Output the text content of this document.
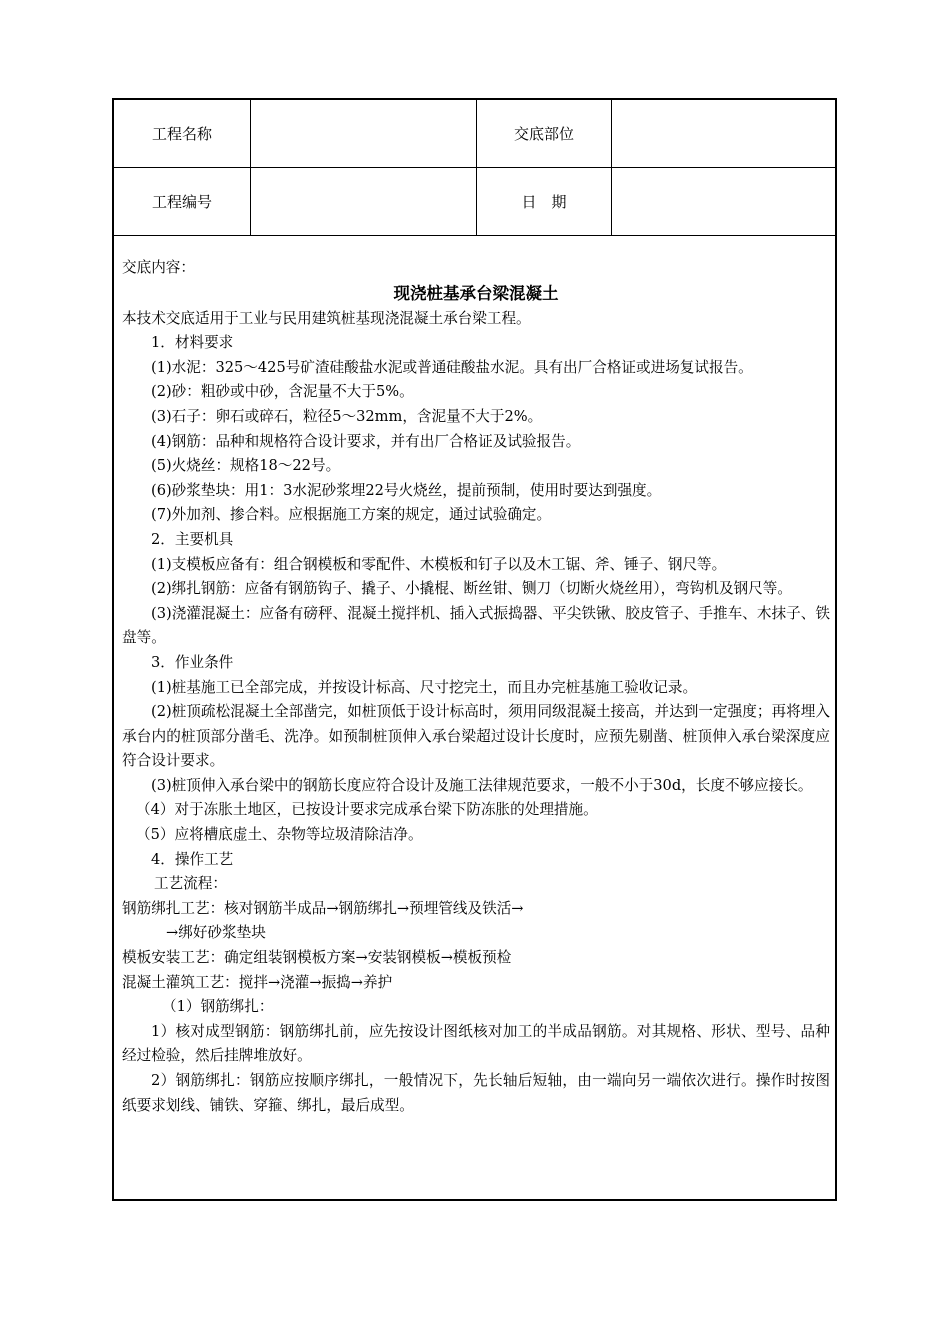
工程名称	交底部位
工程编号	日　期
交底内容：
现浇桩基承台梁混凝土
本技术交底适用于工业与民用建筑桩基现浇混凝土承台梁工程。
1．材料要求
(1)水泥：325～425号矿渣硅酸盐水泥或普通硅酸盐水泥。具有出厂合格证或进场复试报告。
(2)砂：粗砂或中砂，含泥量不大于5%。
(3)石子：卵石或碎石，粒径5～32mm，含泥量不大于2%。
(4)钢筋：品种和规格符合设计要求，并有出厂合格证及试验报告。
(5)火烧丝：规格18～22号。
(6)砂浆垫块：用1：3水泥砂浆埋22号火烧丝，提前预制，使用时要达到强度。
(7)外加剂、掺合料。应根据施工方案的规定，通过试验确定。
2．主要机具
(1)支模板应备有：组合钢模板和零配件、木模板和钉子以及木工锯、斧、锤子、钢尺等。
(2)绑扎钢筋：应备有钢筋钩子、撬子、小撬棍、断丝钳、铡刀（切断火烧丝用），弯钩机及钢尺等。
(3)浇灌混凝土：应备有磅秤、混凝土搅拌机、插入式振捣器、平尖铁锹、胶皮管子、手推车、木抹子、铁盘等。
3．作业条件
(1)桩基施工已全部完成，并按设计标高、尺寸挖完土，而且办完桩基施工验收记录。
(2)桩顶疏松混凝土全部凿完，如桩顶低于设计标高时，须用同级混凝土接高，并达到一定强度；再将埋入承台内的桩顶部分凿毛、洗净。如预制桩顶伸入承台梁超过设计长度时，应预先剔凿、桩顶伸入承台梁深度应符合设计要求。
(3)桩顶伸入承台梁中的钢筋长度应符合设计及施工法律规范要求，一般不小于30d，长度不够应接长。
（4）对于冻胀土地区，已按设计要求完成承台梁下防冻胀的处理措施。
（5）应将槽底虚土、杂物等垃圾清除洁净。
4．操作工艺
工艺流程：
钢筋绑扎工艺：核对钢筋半成品→钢筋绑扎→预埋管线及铁活→
→绑好砂浆垫块
模板安装工艺：确定组装钢模板方案→安装钢模板→模板预检
混凝土灌筑工艺：搅拌→浇灌→振捣→养护
（1）钢筋绑扎：
1）核对成型钢筋：钢筋绑扎前，应先按设计图纸核对加工的半成品钢筋。对其规格、形状、型号、品种经过检验，然后挂牌堆放好。
2）钢筋绑扎：钢筋应按顺序绑扎，一般情况下，先长轴后短轴，由一端向另一端依次进行。操作时按图纸要求划线、铺铁、穿箍、绑扎，最后成型。
